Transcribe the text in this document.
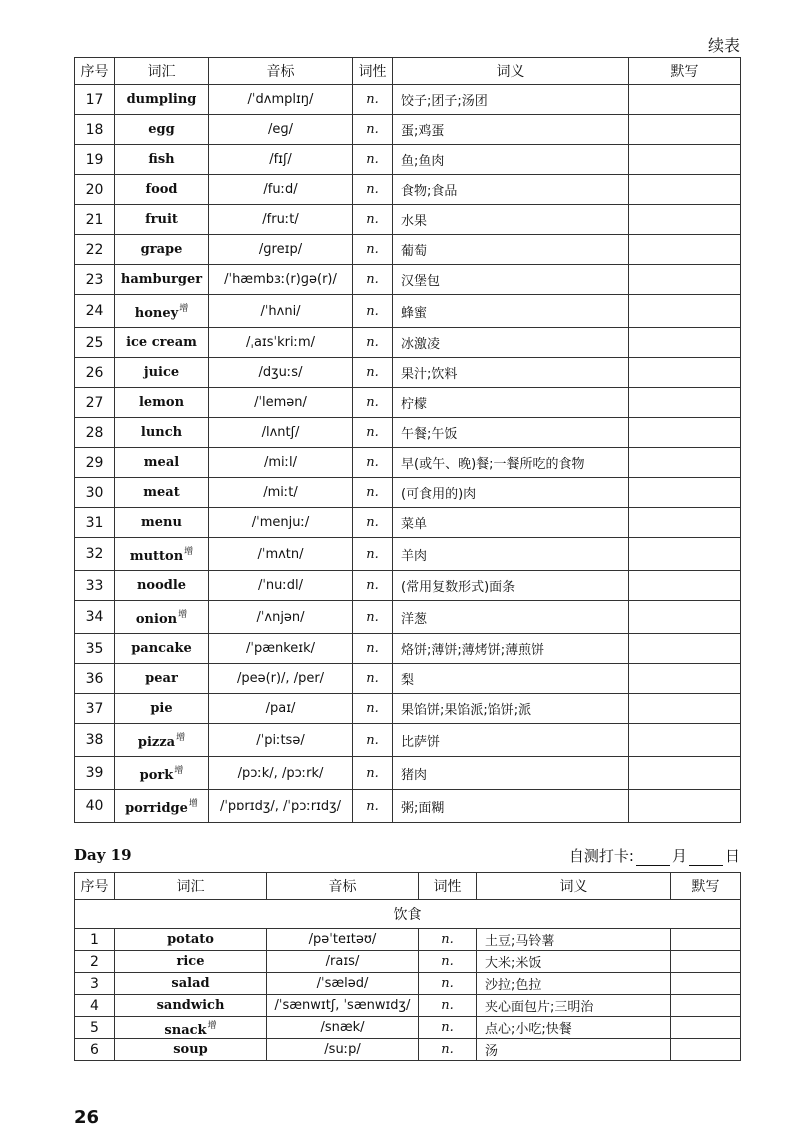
续表
序号	词汇	音标	词性	词义	默写
17	dumpling	/ˈdʌmplɪŋ/	n.	饺子;团子;汤团	
18	egg	/eɡ/	n.	蛋;鸡蛋	
19	fish	/fɪʃ/	n.	鱼;鱼肉	
20	food	/fuːd/	n.	食物;食品	
21	fruit	/fruːt/	n.	水果	
22	grape	/ɡreɪp/	n.	葡萄	
23	hamburger	/ˈhæmbɜː(r)ɡə(r)/	n.	汉堡包	
24	honey$^增$	/ˈhʌni/	n.	蜂蜜	
25	ice cream	/ˌaɪsˈkriːm/	n.	冰激凌	
26	juice	/dʒuːs/	n.	果汁;饮料	
27	lemon	/ˈlemən/	n.	柠檬	
28	lunch	/lʌntʃ/	n.	午餐;午饭	
29	meal	/miːl/	n.	早(或午、晚)餐;一餐所吃的食物	
30	meat	/miːt/	n.	(可食用的)肉	
31	menu	/ˈmenjuː/	n.	菜单	
32	mutton$^增$	/ˈmʌtn/	n.	羊肉	
33	noodle	/ˈnuːdl/	n.	(常用复数形式)面条	
34	onion$^增$	/ˈʌnjən/	n.	洋葱	
35	pancake	/ˈpænkeɪk/	n.	烙饼;薄饼;薄烤饼;薄煎饼	
36	pear	/peə(r)/, /per/	n.	梨	
37	pie	/paɪ/	n.	果馅饼;果馅派;馅饼;派	
38	pizza$^增$	/ˈpiːtsə/	n.	比萨饼	
39	pork$^增$	/pɔːk/, /pɔːrk/	n.	猪肉	
40	porridge$^增$	/ˈpɒrɪdʒ/, /ˈpɔːrɪdʒ/	n.	粥;面糊	
Day 19	自测打卡:	月	日
序号	词汇	音标	词性	词义	默写
饮食					
1	potato	/pəˈteɪtəʊ/	n.	土豆;马铃薯	
2	rice	/raɪs/	n.	大米;米饭	
3	salad	/ˈsæləd/	n.	沙拉;色拉	
4	sandwich	/ˈsænwɪtʃ, ˈsænwɪdʒ/	n.	夹心面包片;三明治	
5	snack$^增$	/snæk/	n.	点心;小吃;快餐	
6	soup	/suːp/	n.	汤	
26
